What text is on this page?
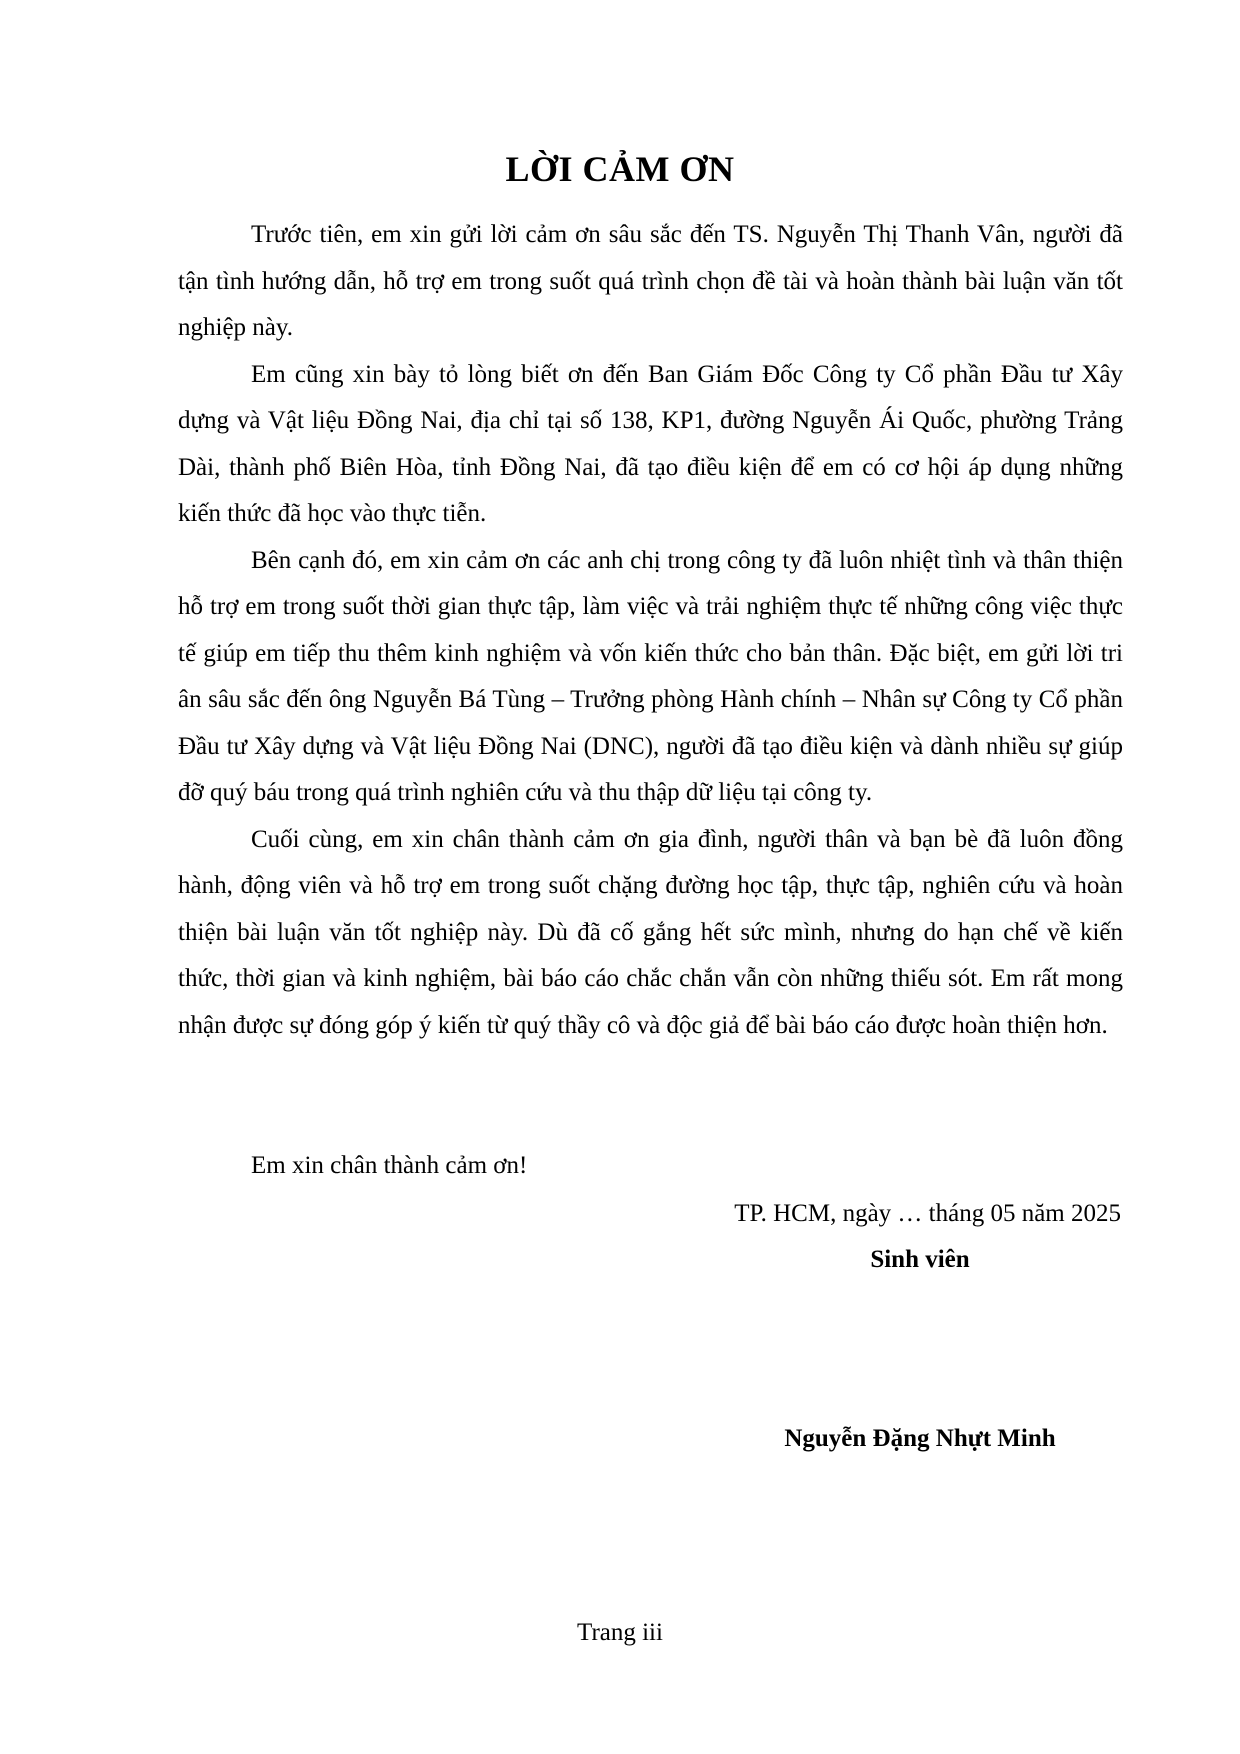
LỜI CẢM ƠN

Trước tiên, em xin gửi lời cảm ơn sâu sắc đến TS. Nguyễn Thị Thanh Vân, người đã tận tình hướng dẫn, hỗ trợ em trong suốt quá trình chọn đề tài và hoàn thành bài luận văn tốt nghiệp này.

Em cũng xin bày tỏ lòng biết ơn đến Ban Giám Đốc Công ty Cổ phần Đầu tư Xây dựng và Vật liệu Đồng Nai, địa chỉ tại số 138, KP1, đường Nguyễn Ái Quốc, phường Trảng Dài, thành phố Biên Hòa, tỉnh Đồng Nai, đã tạo điều kiện để em có cơ hội áp dụng những kiến thức đã học vào thực tiễn.

Bên cạnh đó, em xin cảm ơn các anh chị trong công ty đã luôn nhiệt tình và thân thiện hỗ trợ em trong suốt thời gian thực tập, làm việc và trải nghiệm thực tế những công việc thực tế giúp em tiếp thu thêm kinh nghiệm và vốn kiến thức cho bản thân. Đặc biệt, em gửi lời tri ân sâu sắc đến ông Nguyễn Bá Tùng – Trưởng phòng Hành chính – Nhân sự Công ty Cổ phần Đầu tư Xây dựng và Vật liệu Đồng Nai (DNC), người đã tạo điều kiện và dành nhiều sự giúp đỡ quý báu trong quá trình nghiên cứu và thu thập dữ liệu tại công ty.

Cuối cùng, em xin chân thành cảm ơn gia đình, người thân và bạn bè đã luôn đồng hành, động viên và hỗ trợ em trong suốt chặng đường học tập, thực tập, nghiên cứu và hoàn thiện bài luận văn tốt nghiệp này. Dù đã cố gắng hết sức mình, nhưng do hạn chế về kiến thức, thời gian và kinh nghiệm, bài báo cáo chắc chắn vẫn còn những thiếu sót. Em rất mong nhận được sự đóng góp ý kiến từ quý thầy cô và độc giả để bài báo cáo được hoàn thiện hơn.

Em xin chân thành cảm ơn!
TP. HCM, ngày … tháng 05 năm 2025
Sinh viên
Nguyễn Đặng Nhựt Minh
Trang iii
